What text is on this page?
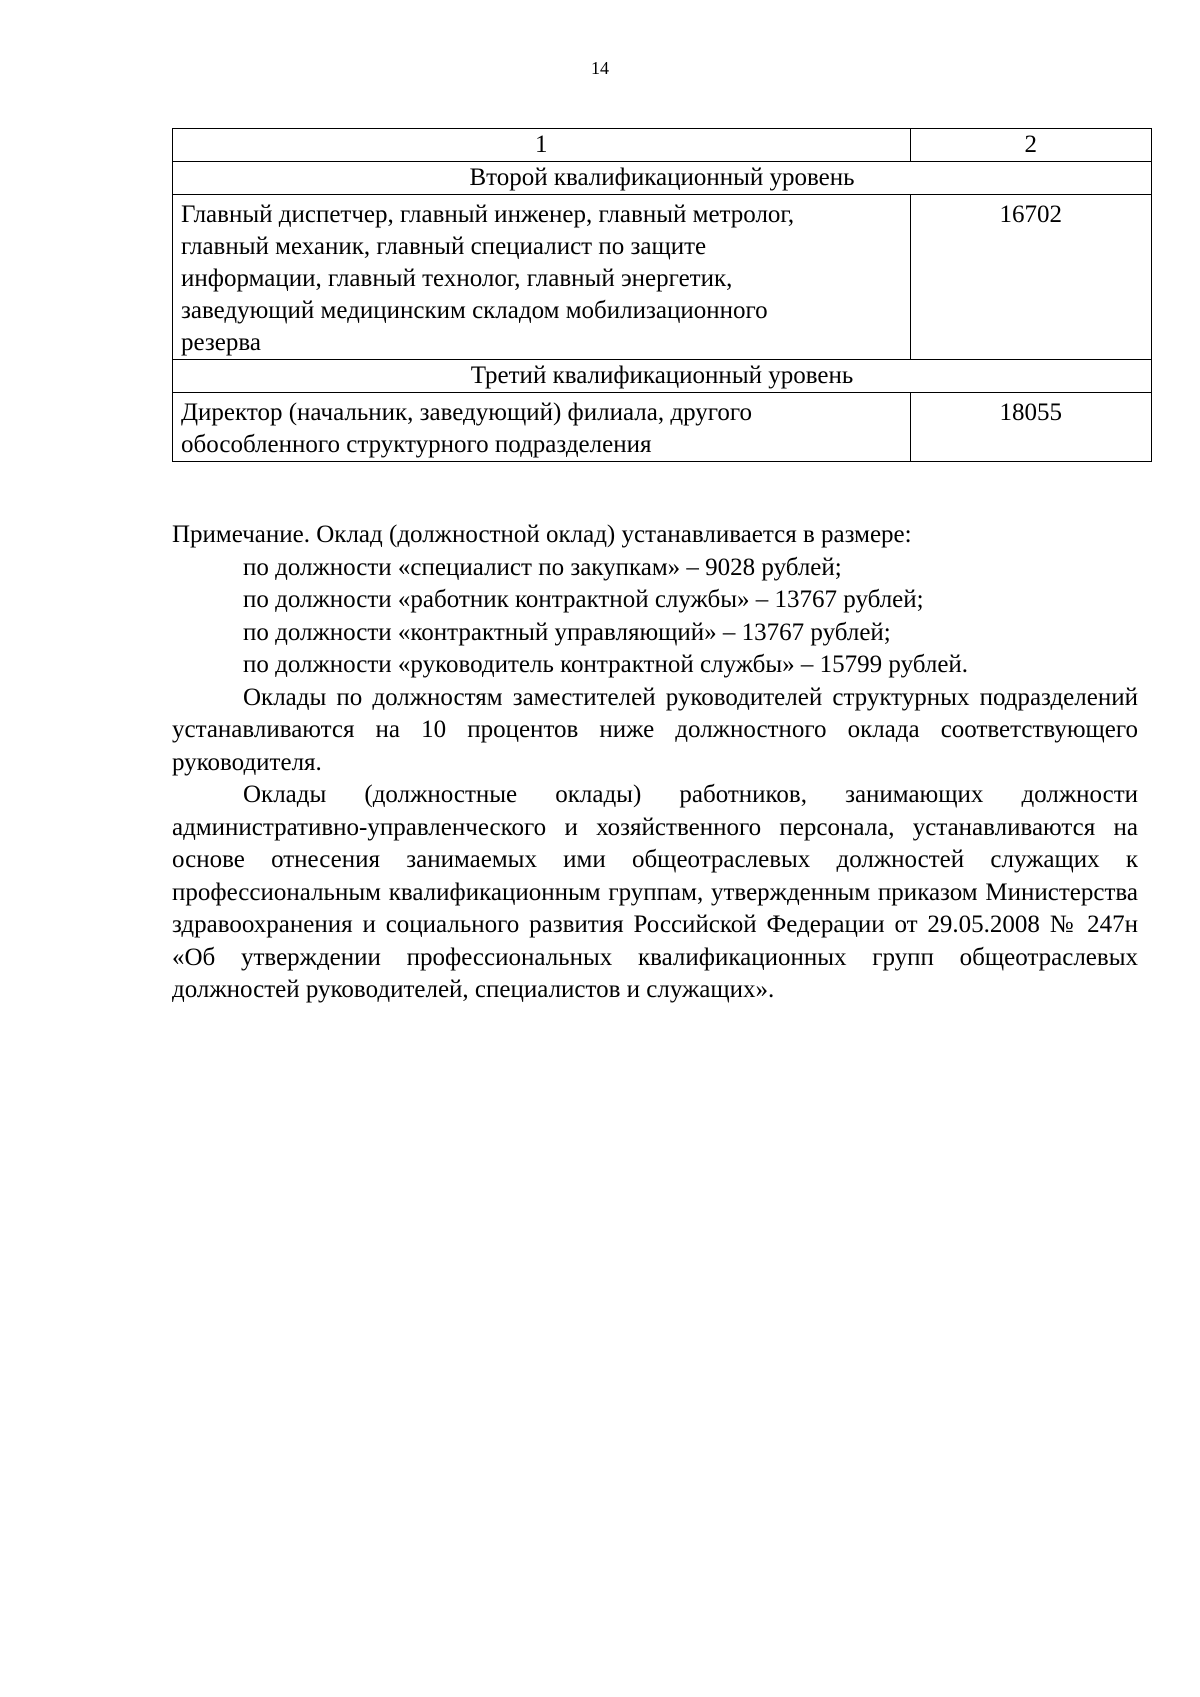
14
1	2
Второй квалификационный уровень	

Главный диспетчер, главный инженер, главный метролог,
главный механик, главный специалист по защите
информации, главный технолог, главный энергетик,
заведующий медицинским складом мобилизационного
резерва	16702
Третий квалификационный уровень	

Директор (начальник, заведующий) филиала, другого
обособленного структурного подразделения	18055

Примечание. Оклад (должностной оклад) устанавливается в размере:

по должности «специалист по закупкам» – 9028 рублей;

по должности «работник контрактной службы» – 13767 рублей;

по должности «контрактный управляющий» – 13767 рублей;

по должности «руководитель контрактной службы» – 15799 рублей.

Оклады по должностям заместителей руководителей структурных подразделений устанавливаются на 10 процентов ниже должностного оклада соответствующего руководителя.

Оклады (должностные оклады) работников, занимающих должности административно-управленческого и хозяйственного персонала, устанавливаются на основе отнесения занимаемых ими общеотраслевых должностей служащих к профессиональным квалификационным группам, утвержденным приказом Министерства здравоохранения и социального развития Российской Федерации от 29.05.2008 № 247н «Об утверждении профессиональных квалификационных групп общеотраслевых должностей руководителей, специалистов и служащих».
